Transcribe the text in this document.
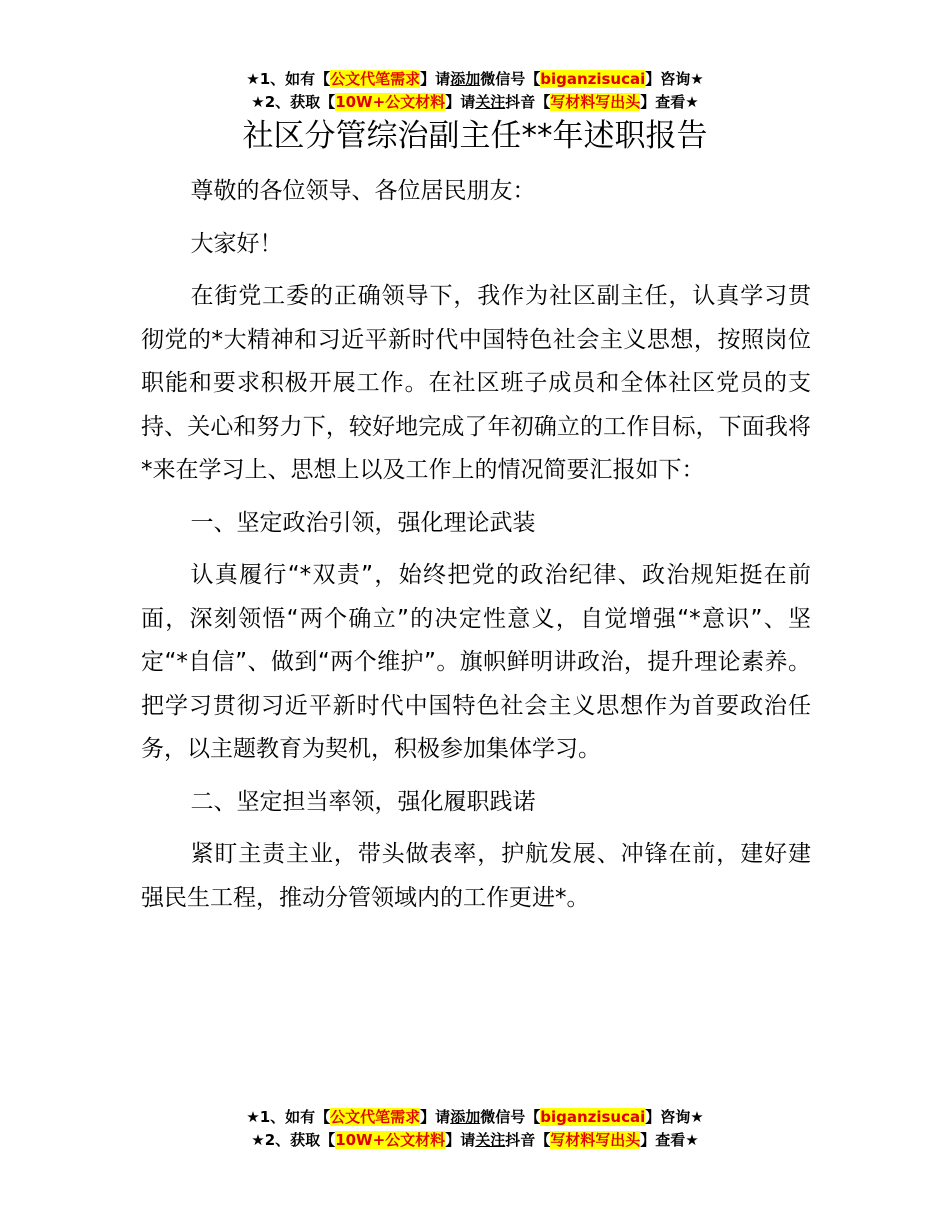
★1、如有【公文代笔需求】请添加微信号【biganzisucai】咨询★
★2、获取【10W+公文材料】请关注抖音【写材料写出头】查看★
社区分管综治副主任**年述职报告

尊敬的各位领导、各位居民朋友：

大家好！

在街党工委的正确领导下，我作为社区副主任，认真学习贯彻党的*大精神和习近平新时代中国特色社会主义思想，按照岗位职能和要求积极开展工作。在社区班子成员和全体社区党员的支持、关心和努力下，较好地完成了年初确立的工作目标，下面我将*来在学习上、思想上以及工作上的情况简要汇报如下：

一、坚定政治引领，强化理论武装

认真履行“*双责”，始终把党的政治纪律、政治规矩挺在前面，深刻领悟“两个确立”的决定性意义，自觉增强“*意识”、坚定“*自信”、做到“两个维护”。旗帜鲜明讲政治，提升理论素养。把学习贯彻习近平新时代中国特色社会主义思想作为首要政治任务，以主题教育为契机，积极参加集体学习。

二、坚定担当率领，强化履职践诺

紧盯主责主业，带头做表率，护航发展、冲锋在前，建好建强民生工程，推动分管领域内的工作更进*。

★1、如有【公文代笔需求】请添加微信号【biganzisucai】咨询★
★2、获取【10W+公文材料】请关注抖音【写材料写出头】查看★
